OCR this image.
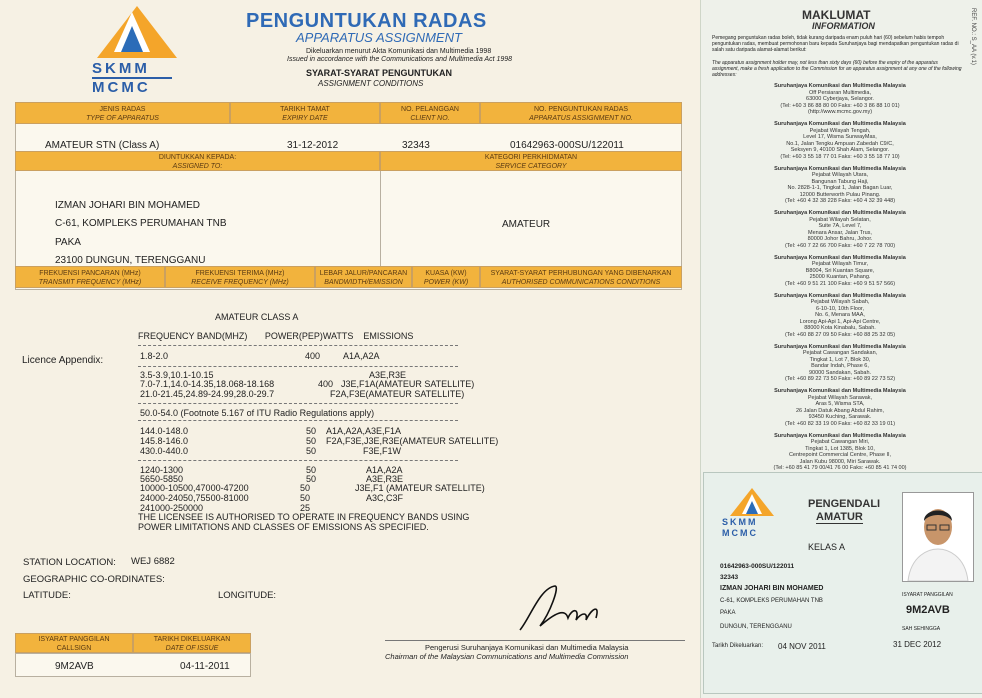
SKMM
MCMC
PENGUNTUKAN RADAS
APPARATUS ASSIGNMENT
Dikeluarkan menurut Akta Komunikasi dan Multimedia 1998
Issued in accordance with the Communications and Multimedia Act 1998
SYARAT-SYARAT PENGUNTUKAN
ASSIGNMENT CONDITIONS
JENIS RADAS
TYPE OF APPARATUS
TARIKH TAMAT
EXPIRY DATE
NO. PELANGGAN
CLIENT NO.
NO. PENGUNTUKAN RADAS
APPARATUS ASSIGNMENT NO.
AMATEUR STN (Class A)	31-12-2012	32343	01642963-000SU/122011
DIUNTUKKAN KEPADA:
ASSIGNED TO:
KATEGORI PERKHIDMATAN
SERVICE CATEGORY
IZMAN JOHARI BIN MOHAMED
C-61, KOMPLEKS PERUMAHAN TNB
PAKA
23100 DUNGUN, TERENGGANU
AMATEUR
FREKUENSI PANCARAN (MHz)
TRANSMIT FREQUENCY (MHz)
FREKUENSI TERIMA (MHz)
RECEIVE FREQUENCY (MHz)
LEBAR JALUR/PANCARAN
BANDWIDTH/EMISSION
KUASA (KW)
POWER (KW)
SYARAT-SYARAT PERHUBUNGAN YANG DIBENARKAN
AUTHORISED COMMUNICATIONS CONDITIONS
AMATEUR CLASS A
FREQUENCY BAND(MHZ)       POWER(PEP)WATTS    EMISSIONS
Licence Appendix:	1.8-2.0	400	A1A,A2A
3.5-3.9,10.1-10.15	A3E,R3E
7.0-7.1,14.0-14.35,18.068-18.168	400 J3E,F1A(AMATEUR SATELLITE)
21.0-21.45,24.89-24.99,28.0-29.7	F2A,F3E(AMATEUR SATELLITE)
50.0-54.0 (Footnote 5.167 of ITU Radio Regulations apply)
144.0-148.0	50 A1A,A2A,A3E,F1A
145.8-146.0	50 F2A,F3E,J3E,R3E(AMATEUR SATELLITE)
430.0-440.0	50	F3E,F1W
1240-1300	50	A1A,A2A
5650-5850	50	A3E,R3E
10000-10500,47000-47200	50	J3E,F1 (AMATEUR SATELLITE)
24000-24050,75500-81000	50	A3C,C3F
241000-250000	25
THE LICENSEE IS AUTHORISED TO OPERATE IN FREQUENCY BANDS USING POWER LIMITATIONS AND CLASSES OF EMISSIONS AS SPECIFIED.
STATION LOCATION: WEJ 6882
GEOGRAPHIC CO-ORDINATES:
LATITUDE:	LONGITUDE:
ISYARAT PANGGILAN
CALLSIGN
TARIKH DIKELUARKAN
DATE OF ISSUE
9M2AVB	04-11-2011
Pengerusi Suruhanjaya Komunikasi dan Multimedia Malaysia
Chairman of the Malaysian Communications and Multimedia Commission
MAKLUMAT
INFORMATION	REF. NO.: S_AA (v.1)
Pemegang penguntukan radas boleh, tidak kurang daripada enam puluh hari (60) sebelum habis tempoh penguntukan radas, membuat permohonan baru kepada Suruhanjaya bagi mendapatkan penguntukan radas di salah satu daripada alamat-alamat berikut:
The apparatus assignment holder may, not less than sixty days (60) before the expiry of the apparatus assignment, make a fresh application to the Commission for an apparatus assignment at any one of the following addresses:
Suruhanjaya Komunikasi dan Multimedia Malaysia
Off Persiaran Multimedia,
63000 Cyberjaya, Selangor.
(Tel: +60 3 86 88 80 00 Faks: +60 3 86 88 10 01)
(http://www.mcmc.gov.my)
Suruhanjaya Komunikasi dan Multimedia Malaysia
Pejabat Wilayah Tengah,
Level 17, Wisma SunwayMas,
No.1, Jalan Tengku Ampuan Zabedah C9/C,
Seksyen 9, 40100 Shah Alam, Selangor.
(Tel: +60 3 55 18 77 01 Faks: +60 3 55 18 77 10)
Suruhanjaya Komunikasi dan Multimedia Malaysia
Pejabat Wilayah Utara,
Bangunan Tabung Haji,
No. 2828-1-1, Tingkat 1, Jalan Bagan Luar,
12000 Butterworth Pulau Pinang.
(Tel: +60 4 32 38 228 Faks: +60 4 32 39 448)
Suruhanjaya Komunikasi dan Multimedia Malaysia
Pejabat Wilayah Selatan,
Suite 7A, Level 7,
Menara Ansar, Jalan Trus,
80000 Johor Bahru, Johor.
(Tel: +60 7 22 66 700 Faks: +60 7 22 78 700)
Suruhanjaya Komunikasi dan Multimedia Malaysia
Pejabat Wilayah Timur,
B8004, Sri Kuantan Square,
25000 Kuantan, Pahang.
(Tel: +60 9 51 21 100 Faks: +60 9 51 57 566)
Suruhanjaya Komunikasi dan Multimedia Malaysia
Pejabat Wilayah Sabah,
6-10-10, 10th Floor,
No. 6, Menara MAA,
Lorong Api-Api 1, Api-Api Centre,
88000 Kota Kinabalu, Sabah.
(Tel: +60 88 27 09 50 Faks: +60 88 25 32 05)
Suruhanjaya Komunikasi dan Multimedia Malaysia
Pejabat Cawangan Sandakan,
Tingkat 1, Lot 7, Blok 30,
Bandar Indah, Phase 6,
90000 Sandakan, Sabah.
(Tel: +60 89 22 73 50 Faks: +60 89 22 73 52)
Suruhanjaya Komunikasi dan Multimedia Malaysia
Pejabat Wilayah Sarawak,
Aras 5, Wisma STA,
26 Jalan Datuk Abang Abdul Rahim,
93450 Kuching, Sarawak.
(Tel: +60 82 33 19 00 Faks: +60 82 33 19 01)
Suruhanjaya Komunikasi dan Multimedia Malaysia
Pejabat Cawangan Miri,
Tingkat 1, Lot 1385, Blok 10,
Centrepoint Commercial Centre, Phase II,
Jalan Kubu 98000, Miri Sarawak.
(Tel: +60 85 41 79 00/41 76 00 Faks: +60 85 41 74 00)
SKMM
MCMC
PENGENDALI
AMATUR
KELAS A
01642963-000SU/122011
32343
IZMAN JOHARI BIN MOHAMED
C-61, KOMPLEKS PERUMAHAN TNB
PAKA
DUNGUN, TERENGGANU
ISYARAT PANGGILAN
9M2AVB
SAH SEHINGGA
Tarikh Dikeluarkan: 04 NOV 2011	31 DEC 2012
